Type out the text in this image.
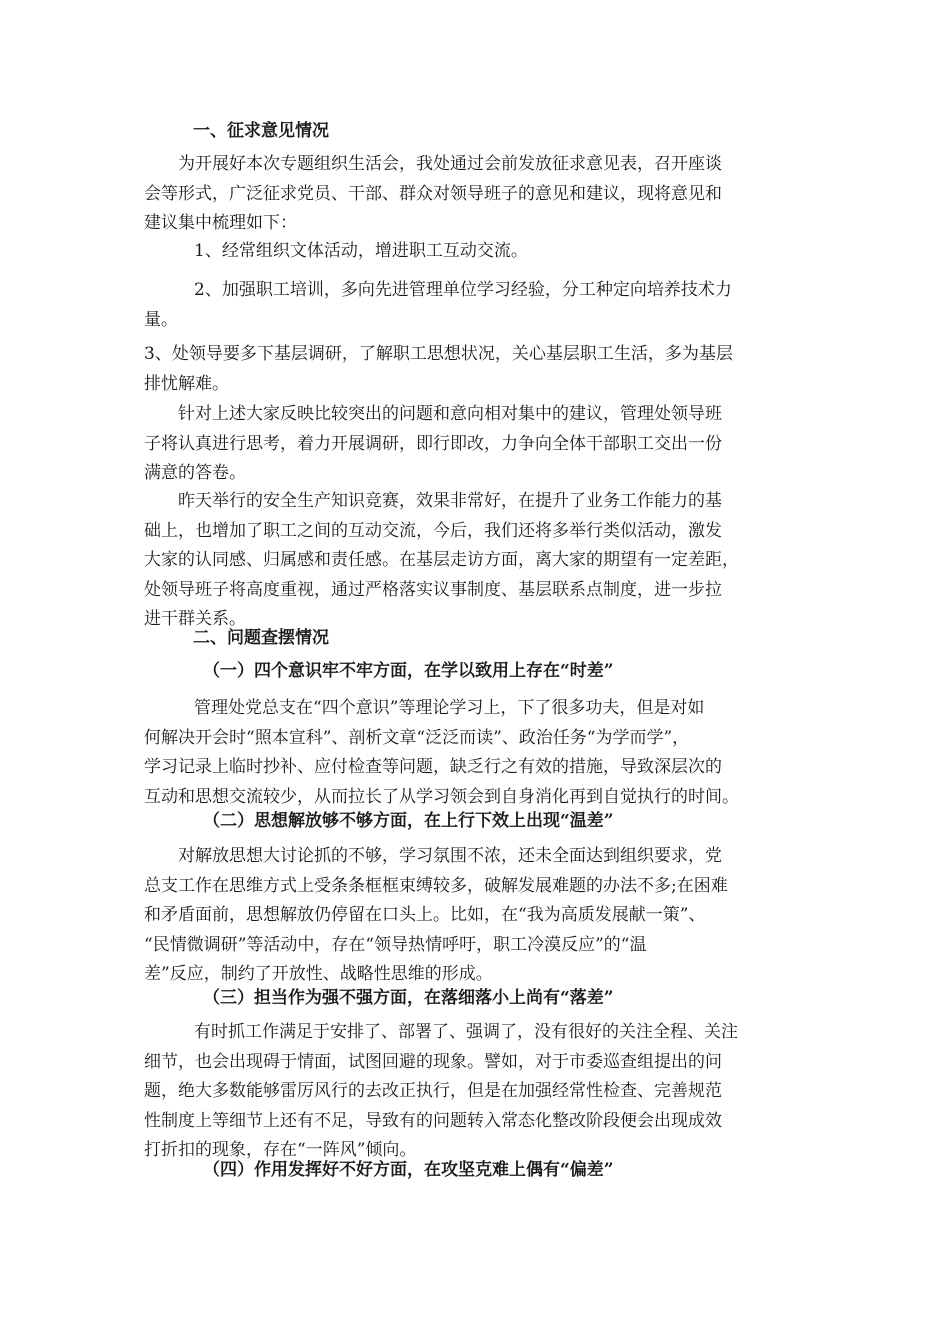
一、征求意见情况
为开展好本次专题组织生活会，我处通过会前发放征求意见表，召开座谈
会等形式，广泛征求党员、干部、群众对领导班子的意见和建议，现将意见和
建议集中梳理如下：
1、经常组织文体活动，增进职工互动交流。
2、加强职工培训，多向先进管理单位学习经验，分工种定向培养技术力
量。
3、处领导要多下基层调研，了解职工思想状况，关心基层职工生活，多为基层
排忧解难。
针对上述大家反映比较突出的问题和意向相对集中的建议，管理处领导班
子将认真进行思考，着力开展调研，即行即改，力争向全体干部职工交出一份
满意的答卷。
昨天举行的安全生产知识竞赛，效果非常好，在提升了业务工作能力的基
础上，也增加了职工之间的互动交流，今后，我们还将多举行类似活动，激发
大家的认同感、归属感和责任感。在基层走访方面，离大家的期望有一定差距，
处领导班子将高度重视，通过严格落实议事制度、基层联系点制度，进一步拉
进干群关系。
二、问题查摆情况
（一）四个意识牢不牢方面，在学以致用上存在“时差”
管理处党总支在“四个意识”等理论学习上，下了很多功夫，但是对如
何解决开会时“照本宣科”、剖析文章“泛泛而读”、政治任务“为学而学”，
学习记录上临时抄补、应付检查等问题，缺乏行之有效的措施，导致深层次的
互动和思想交流较少，从而拉长了从学习领会到自身消化再到自觉执行的时间。
（二）思想解放够不够方面，在上行下效上出现“温差”
对解放思想大讨论抓的不够，学习氛围不浓，还未全面达到组织要求，党
总支工作在思维方式上受条条框框束缚较多，破解发展难题的办法不多;在困难
和矛盾面前，思想解放仍停留在口头上。比如，在“我为高质发展献一策”、
“民情微调研”等活动中，存在“领导热情呼吁，职工冷漠反应”的“温
差”反应，制约了开放性、战略性思维的形成。
（三）担当作为强不强方面，在落细落小上尚有“落差”
有时抓工作满足于安排了、部署了、强调了，没有很好的关注全程、关注
细节，也会出现碍于情面，试图回避的现象。譬如，对于市委巡查组提出的问
题，绝大多数能够雷厉风行的去改正执行，但是在加强经常性检查、完善规范
性制度上等细节上还有不足，导致有的问题转入常态化整改阶段便会出现成效
打折扣的现象，存在“一阵风”倾向。
（四）作用发挥好不好方面，在攻坚克难上偶有“偏差”
